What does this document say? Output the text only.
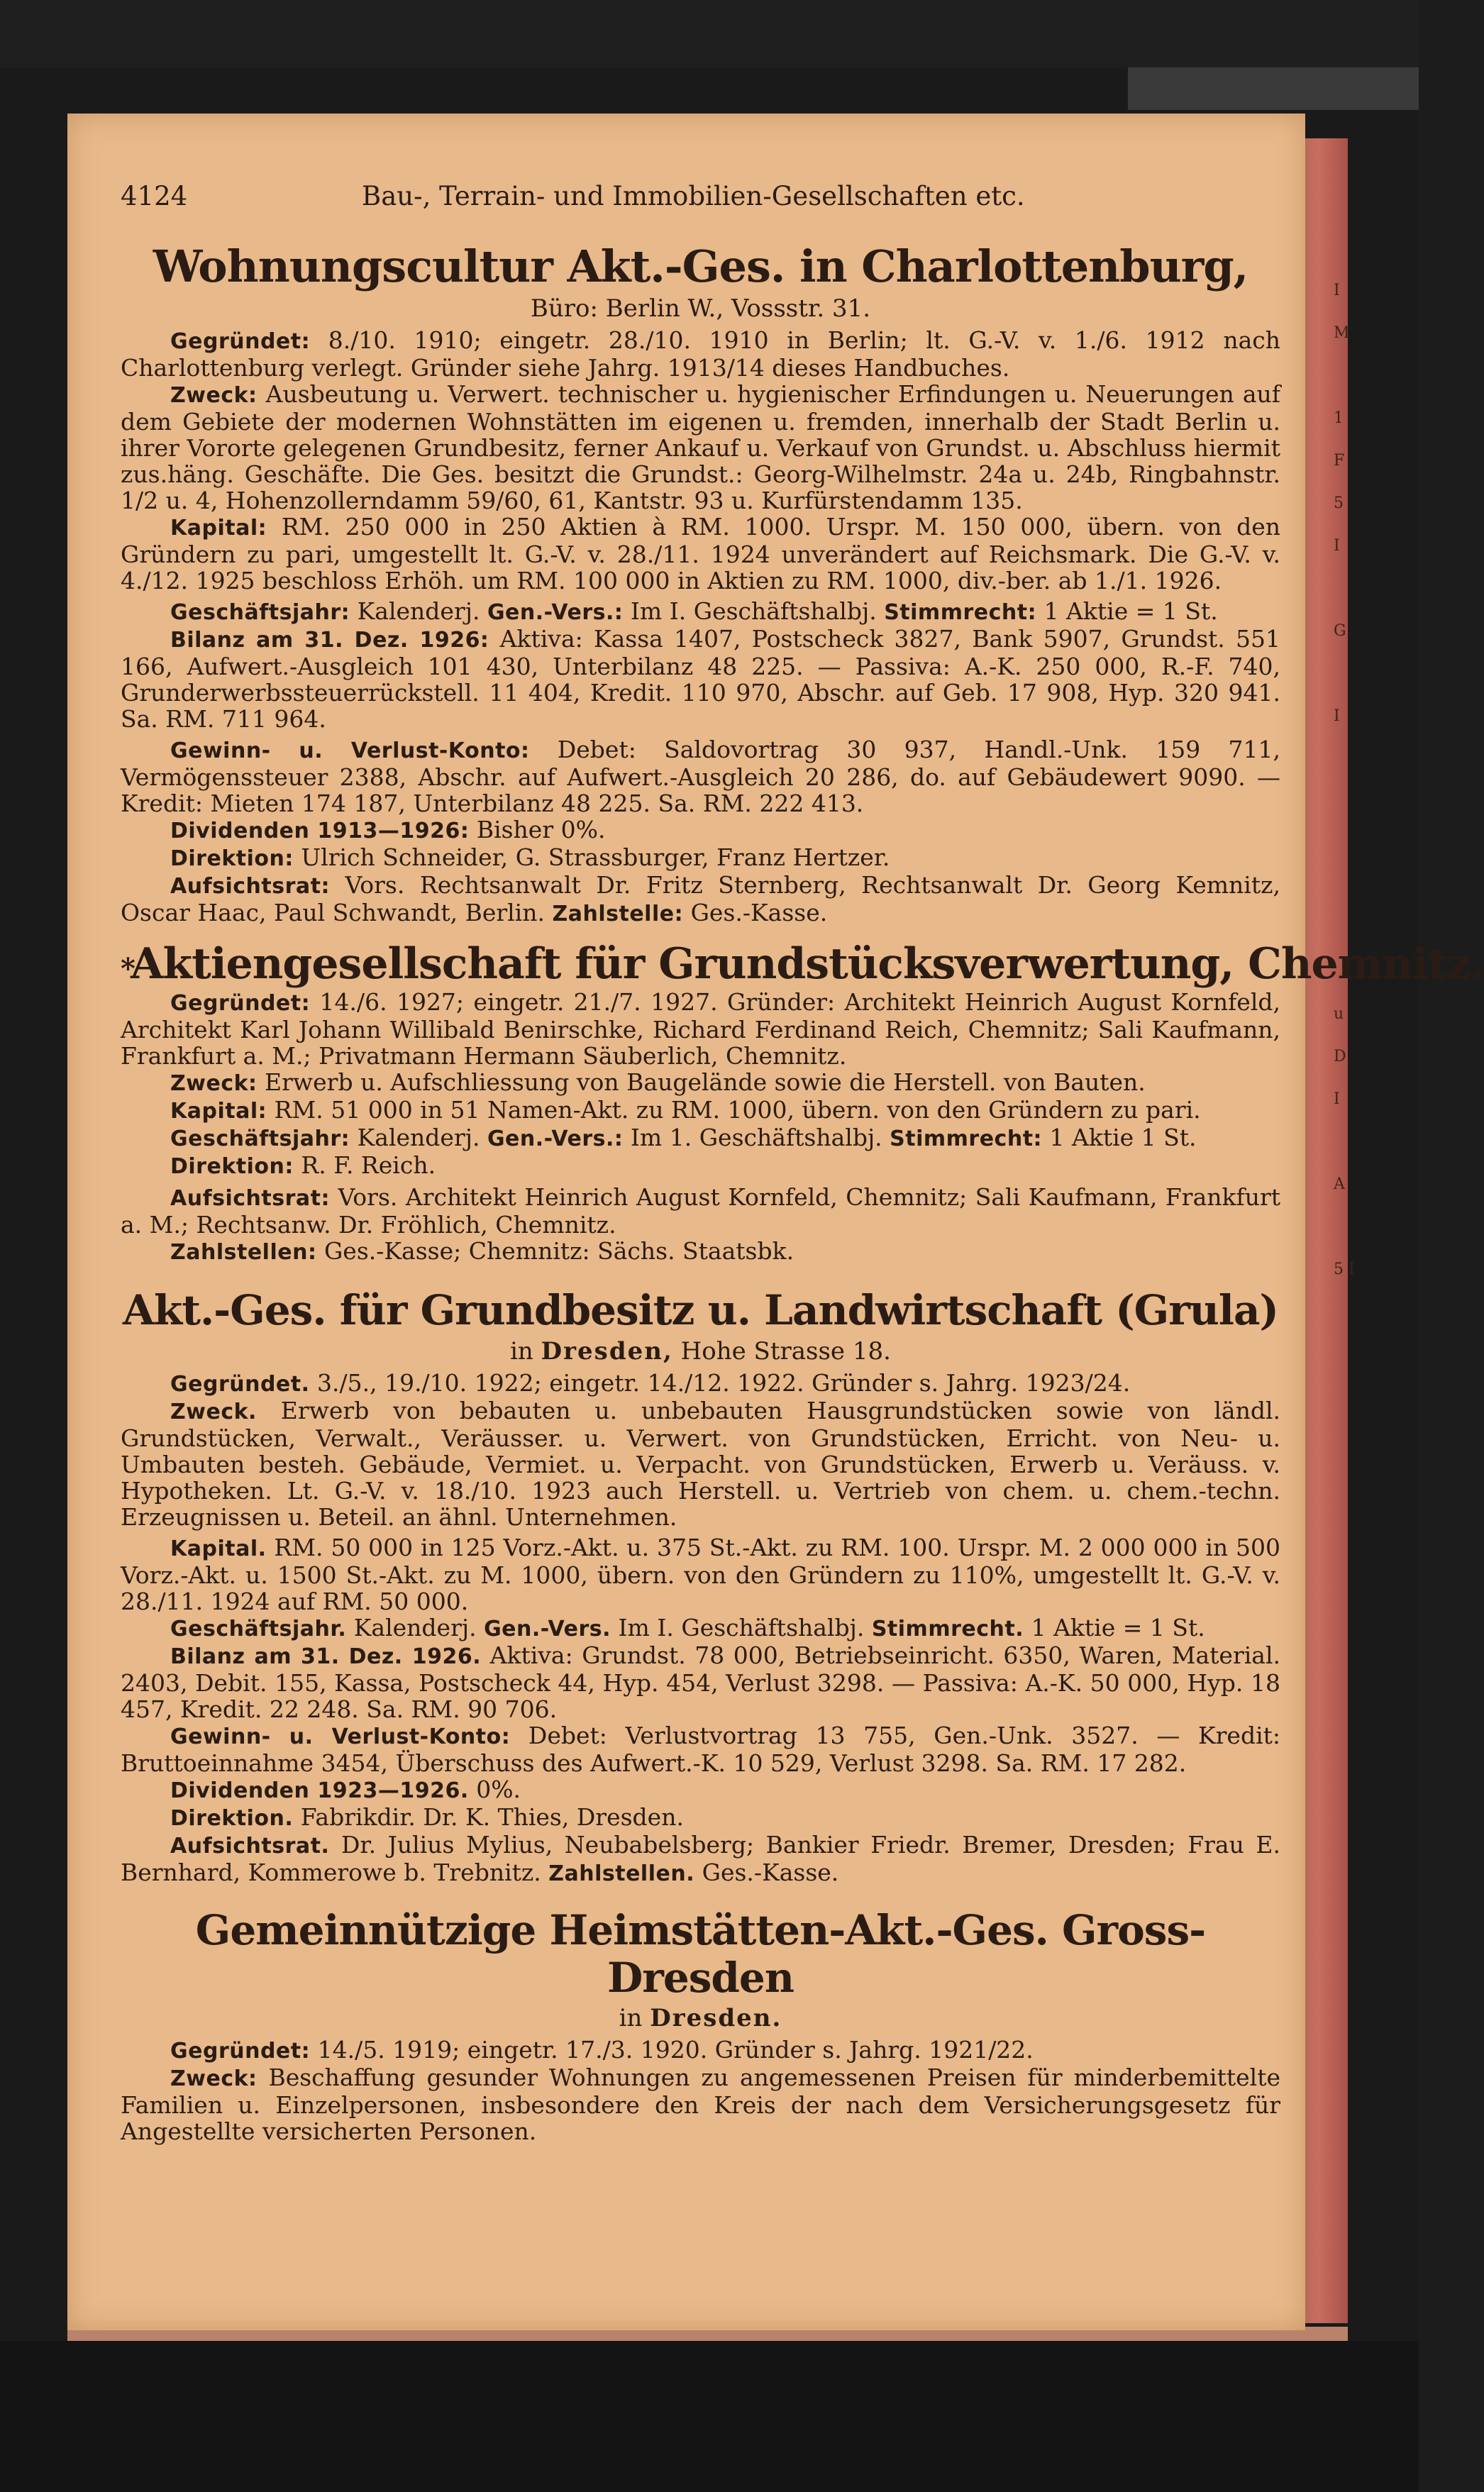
I
M

1
F
5
I

G

I

u
D
I

A

5 I
4124	Bau-, Terrain- und Immobilien-Gesellschaften etc.
Wohnungscultur Akt.-Ges. in Charlottenburg,
Büro: Berlin W., Vossstr. 31.

Gegründet: 8./10. 1910; eingetr. 28./10. 1910 in Berlin; lt. G.-V. v. 1./6. 1912 nach Charlottenburg verlegt. Gründer siehe Jahrg. 1913/14 dieses Handbuches.

Zweck: Ausbeutung u. Verwert. technischer u. hygienischer Erfindungen u. Neuerungen auf dem Gebiete der modernen Wohnstätten im eigenen u. fremden, innerhalb der Stadt Berlin u. ihrer Vororte gelegenen Grundbesitz, ferner Ankauf u. Verkauf von Grundst. u. Abschluss hiermit zus.häng. Geschäfte. Die Ges. besitzt die Grundst.: Georg-Wilhelmstr. 24a u. 24b, Ringbahnstr. 1/2 u. 4, Hohenzollerndamm 59/60, 61, Kantstr. 93 u. Kurfürstendamm 135.

Kapital: RM. 250 000 in 250 Aktien à RM. 1000. Urspr. M. 150 000, übern. von den Gründern zu pari, umgestellt lt. G.-V. v. 28./11. 1924 unverändert auf Reichsmark. Die G.-V. v. 4./12. 1925 beschloss Erhöh. um RM. 100 000 in Aktien zu RM. 1000, div.-ber. ab 1./1. 1926.

Geschäftsjahr: Kalenderj. Gen.-Vers.: Im I. Geschäftshalbj. Stimmrecht: 1 Aktie = 1 St.

Bilanz am 31. Dez. 1926: Aktiva: Kassa 1407, Postscheck 3827, Bank 5907, Grundst. 551 166, Aufwert.-Ausgleich 101 430, Unterbilanz 48 225. — Passiva: A.-K. 250 000, R.-F. 740, Grunderwerbssteuerrückstell. 11 404, Kredit. 110 970, Abschr. auf Geb. 17 908, Hyp. 320 941. Sa. RM. 711 964.

Gewinn- u. Verlust-Konto: Debet: Saldovortrag 30 937, Handl.-Unk. 159 711, Vermögenssteuer 2388, Abschr. auf Aufwert.-Ausgleich 20 286, do. auf Gebäudewert 9090. — Kredit: Mieten 174 187, Unterbilanz 48 225. Sa. RM. 222 413.

Dividenden 1913—1926: Bisher 0%.

Direktion: Ulrich Schneider, G. Strassburger, Franz Hertzer.

Aufsichtsrat: Vors. Rechtsanwalt Dr. Fritz Sternberg, Rechtsanwalt Dr. Georg Kemnitz, Oscar Haac, Paul Schwandt, Berlin. Zahlstelle: Ges.-Kasse.

*Aktiengesellschaft für Grundstücksverwertung, Chemnitz.

Gegründet: 14./6. 1927; eingetr. 21./7. 1927. Gründer: Architekt Heinrich August Kornfeld, Architekt Karl Johann Willibald Benirschke, Richard Ferdinand Reich, Chemnitz; Sali Kaufmann, Frankfurt a. M.; Privatmann Hermann Säuberlich, Chemnitz.

Zweck: Erwerb u. Aufschliessung von Baugelände sowie die Herstell. von Bauten.

Kapital: RM. 51 000 in 51 Namen-Akt. zu RM. 1000, übern. von den Gründern zu pari.

Geschäftsjahr: Kalenderj. Gen.-Vers.: Im 1. Geschäftshalbj. Stimmrecht: 1 Aktie 1 St.

Direktion: R. F. Reich.

Aufsichtsrat: Vors. Architekt Heinrich August Kornfeld, Chemnitz; Sali Kaufmann, Frankfurt a. M.; Rechtsanw. Dr. Fröhlich, Chemnitz.

Zahlstellen: Ges.-Kasse; Chemnitz: Sächs. Staatsbk.

Akt.-Ges. für Grundbesitz u. Landwirtschaft (Grula)
in Dresden, Hohe Strasse 18.

Gegründet. 3./5., 19./10. 1922; eingetr. 14./12. 1922. Gründer s. Jahrg. 1923/24.

Zweck. Erwerb von bebauten u. unbebauten Hausgrundstücken sowie von ländl. Grundstücken, Verwalt., Veräusser. u. Verwert. von Grundstücken, Erricht. von Neu- u. Umbauten besteh. Gebäude, Vermiet. u. Verpacht. von Grundstücken, Erwerb u. Veräuss. v. Hypotheken. Lt. G.-V. v. 18./10. 1923 auch Herstell. u. Vertrieb von chem. u. chem.-techn. Erzeugnissen u. Beteil. an ähnl. Unternehmen.

Kapital. RM. 50 000 in 125 Vorz.-Akt. u. 375 St.-Akt. zu RM. 100. Urspr. M. 2 000 000 in 500 Vorz.-Akt. u. 1500 St.-Akt. zu M. 1000, übern. von den Gründern zu 110%, umgestellt lt. G.-V. v. 28./11. 1924 auf RM. 50 000.

Geschäftsjahr. Kalenderj. Gen.-Vers. Im I. Geschäftshalbj. Stimmrecht. 1 Aktie = 1 St.

Bilanz am 31. Dez. 1926. Aktiva: Grundst. 78 000, Betriebseinricht. 6350, Waren, Material. 2403, Debit. 155, Kassa, Postscheck 44, Hyp. 454, Verlust 3298. — Passiva: A.-K. 50 000, Hyp. 18 457, Kredit. 22 248. Sa. RM. 90 706.

Gewinn- u. Verlust-Konto: Debet: Verlustvortrag 13 755, Gen.-Unk. 3527. — Kredit: Bruttoeinnahme 3454, Überschuss des Aufwert.-K. 10 529, Verlust 3298. Sa. RM. 17 282.

Dividenden 1923—1926. 0%.

Direktion. Fabrikdir. Dr. K. Thies, Dresden.

Aufsichtsrat. Dr. Julius Mylius, Neubabelsberg; Bankier Friedr. Bremer, Dresden; Frau E. Bernhard, Kommerowe b. Trebnitz. Zahlstellen. Ges.-Kasse.

Gemeinnützige Heimstätten-Akt.-Ges. Gross-Dresden
in Dresden.

Gegründet: 14./5. 1919; eingetr. 17./3. 1920. Gründer s. Jahrg. 1921/22.

Zweck: Beschaffung gesunder Wohnungen zu angemessenen Preisen für minderbemittelte Familien u. Einzelpersonen, insbesondere den Kreis der nach dem Versicherungsgesetz für Angestellte versicherten Personen.
